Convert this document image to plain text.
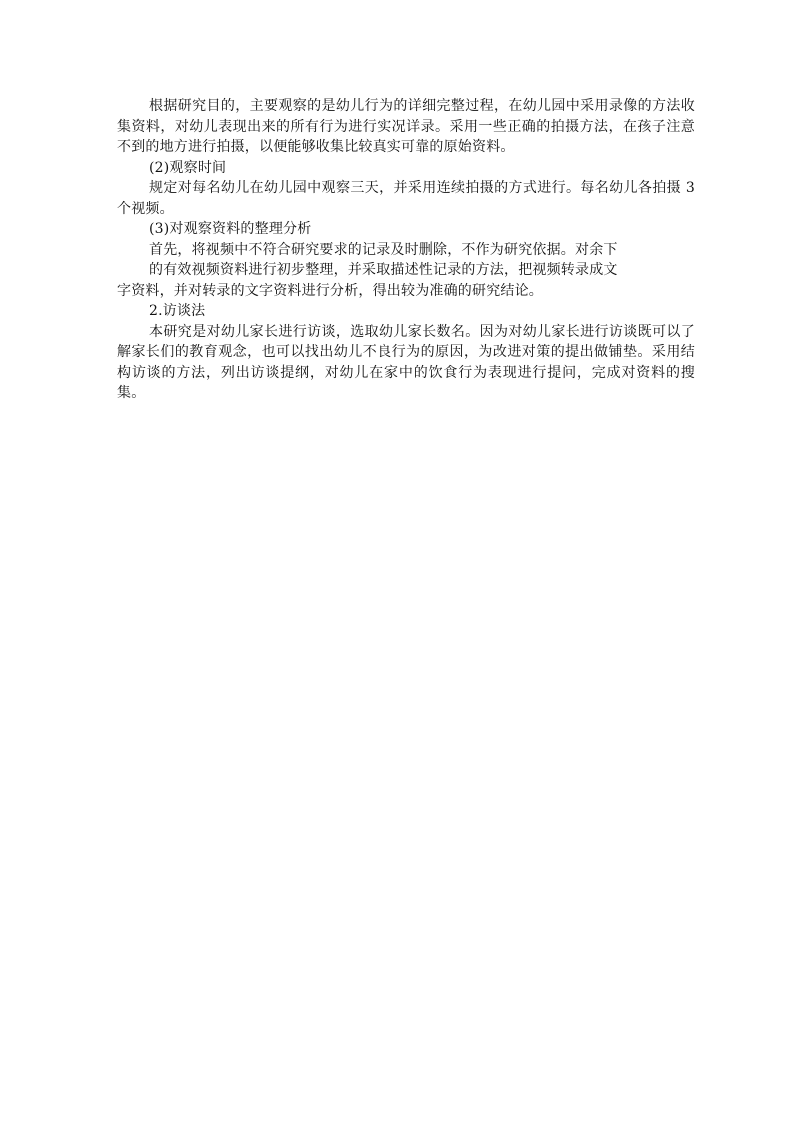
根据研究目的，主要观察的是幼儿行为的详细完整过程，在幼儿园中采用录像的方法收集资料，对幼儿表现出来的所有行为进行实况详录。采用一些正确的拍摄方法，在孩子注意不到的地方进行拍摄，以便能够收集比较真实可靠的原始资料。

(2)观察时间

规定对每名幼儿在幼儿园中观察三天，并采用连续拍摄的方式进行。每名幼儿各拍摄 3 个视频。

(3)对观察资料的整理分析

首先，将视频中不符合研究要求的记录及时删除，不作为研究依据。对余下
的有效视频资料进行初步整理，并采取描述性记录的方法，把视频转录成文
字资料，并对转录的文字资料进行分析，得出较为准确的研究结论。

2.访谈法

本研究是对幼儿家长进行访谈，选取幼儿家长数名。因为对幼儿家长进行访谈既可以了解家长们的教育观念，也可以找出幼儿不良行为的原因，为改进对策的提出做铺垫。采用结构访谈的方法，列出访谈提纲，对幼儿在家中的饮食行为表现进行提问，完成对资料的搜集。
